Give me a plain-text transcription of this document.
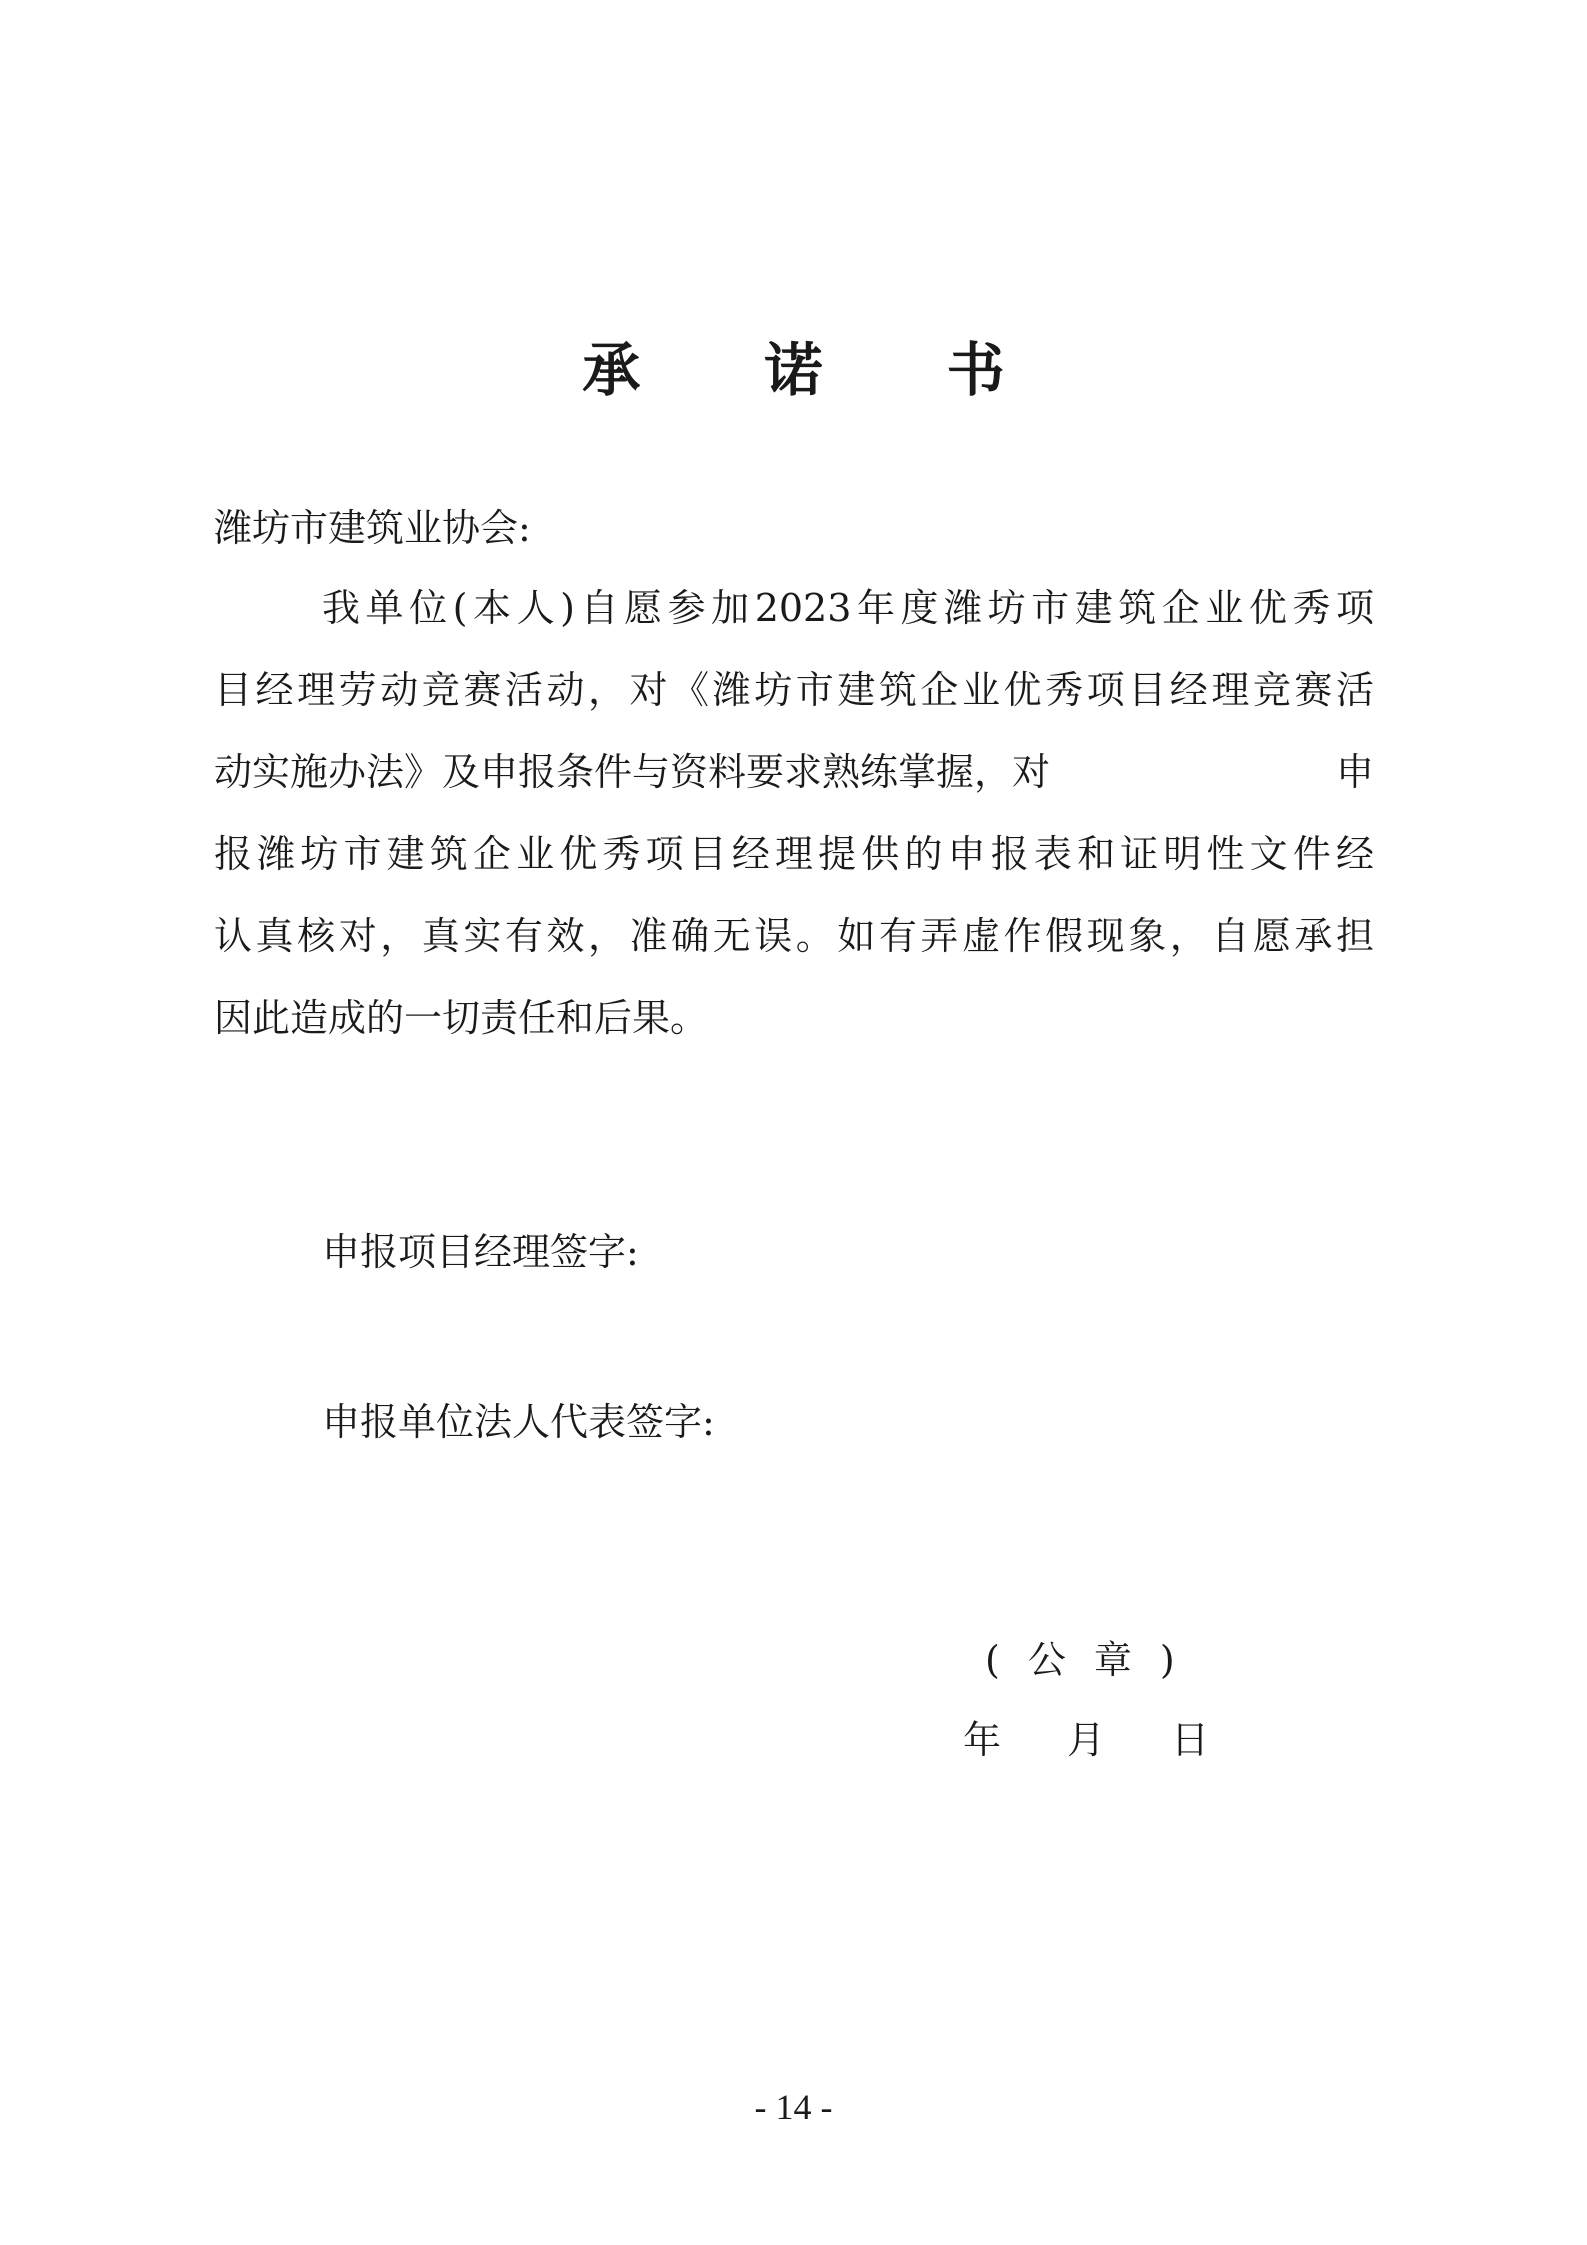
承 诺 书
潍坊市建筑业协会:
我单位(本人)自愿参加2023年度潍坊市建筑企业优秀项
目经理劳动竞赛活动，对《潍坊市建筑企业优秀项目经理竞赛活
动实施办法》及申报条件与资料要求熟练掌握，对	申
报潍坊市建筑企业优秀项目经理提供的申报表和证明性文件经
认真核对，真实有效，准确无误。如有弄虚作假现象，自愿承担
因此造成的一切责任和后果。
申报项目经理签字:
申报单位法人代表签字:
(公章)
年 月 日
- 14 -
